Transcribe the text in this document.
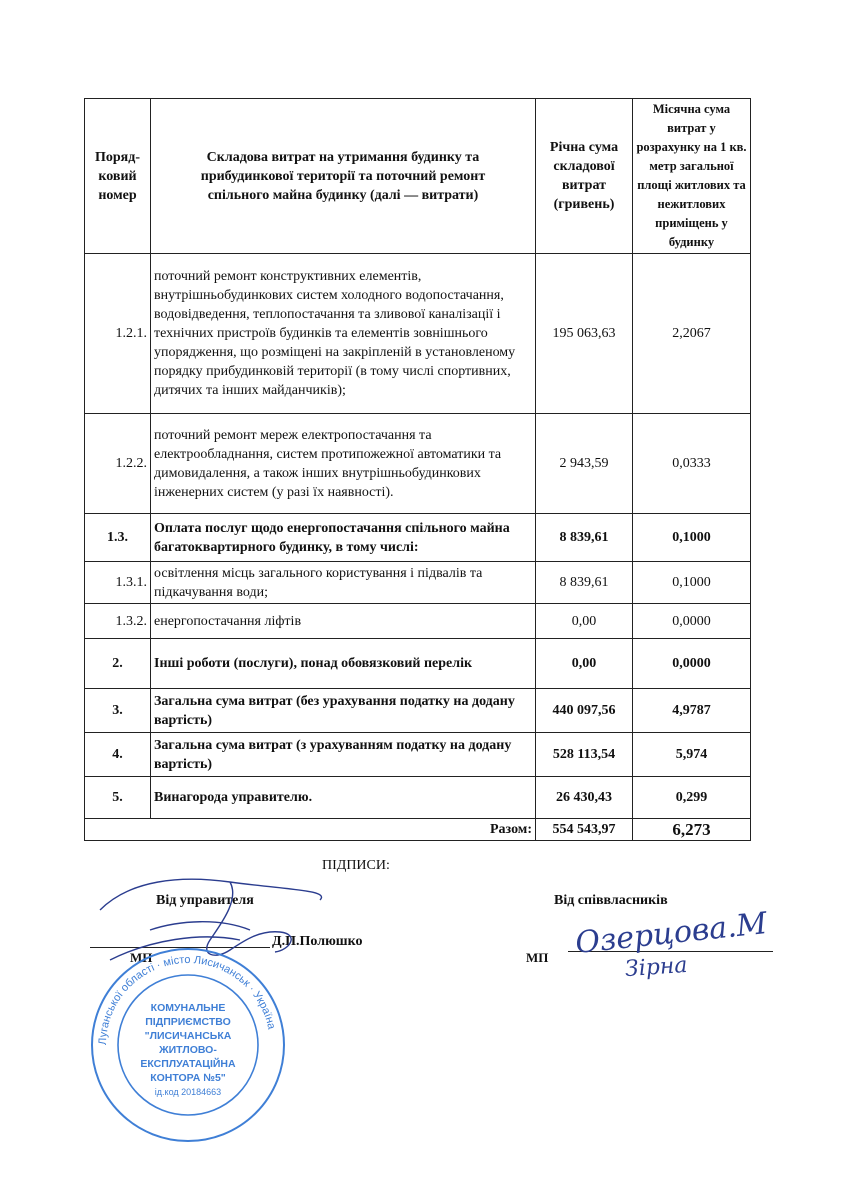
Поряд-ковий номер	Складова витрат на утримання будинку та прибудинкової території та поточний ремонт спільного майна будинку (далі — витрати)	Річна сума складової витрат (гривень)	Місячна сума витрат у розрахунку на 1 кв. метр загальної площі житлових та нежитлових приміщень у будинку
1.2.1.	поточний ремонт конструктивних елементів, внутрішньобудинкових систем холодного водопостачання, водовідведення, теплопостачання та зливової каналізації і технічних пристроїв будинків та елементів зовнішнього упорядження, що розміщені на закріпленій в установленому порядку прибудинковій території (в тому числі спортивних, дитячих та інших майданчиків);	195 063,63	2,2067
1.2.2.	поточний ремонт мереж електропостачання та електрообладнання, систем протипожежної автоматики та димовидалення, а також інших внутрішньобудинкових інженерних систем (у разі їх наявності).	2 943,59	0,0333
1.3.	Оплата послуг щодо енергопостачання спільного майна багатоквартирного будинку, в тому числі:	8 839,61	0,1000
1.3.1.	освітлення місць загального користування і підвалів та підкачування води;	8 839,61	0,1000
1.3.2.	енергопостачання ліфтів	0,00	0,0000
2.	Інші роботи (послуги), понад обовязковий перелік	0,00	0,0000
3.	Загальна сума витрат (без урахування податку на додану вартість)	440 097,56	4,9787
4.	Загальна сума витрат (з урахуванням податку на додану вартість)	528 113,54	5,974
5.	Винагорода управителю.	26 430,43	0,299
Разом:		554 543,97	6,273
ПІДПИСИ:
Від управителя	Від співвласників
Д.П.Полюшко
МП	МП Озерцова.М
Зірна
Луганської області · місто Лисичанськ · Україна
КОМУНАЛЬНЕ
ПІДПРИЄМСТВО
"ЛИСИЧАНСЬКА
ЖИТЛОВО-
ЕКСПЛУАТАЦІЙНА
КОНТОРА №5"
ід.код 20184663
